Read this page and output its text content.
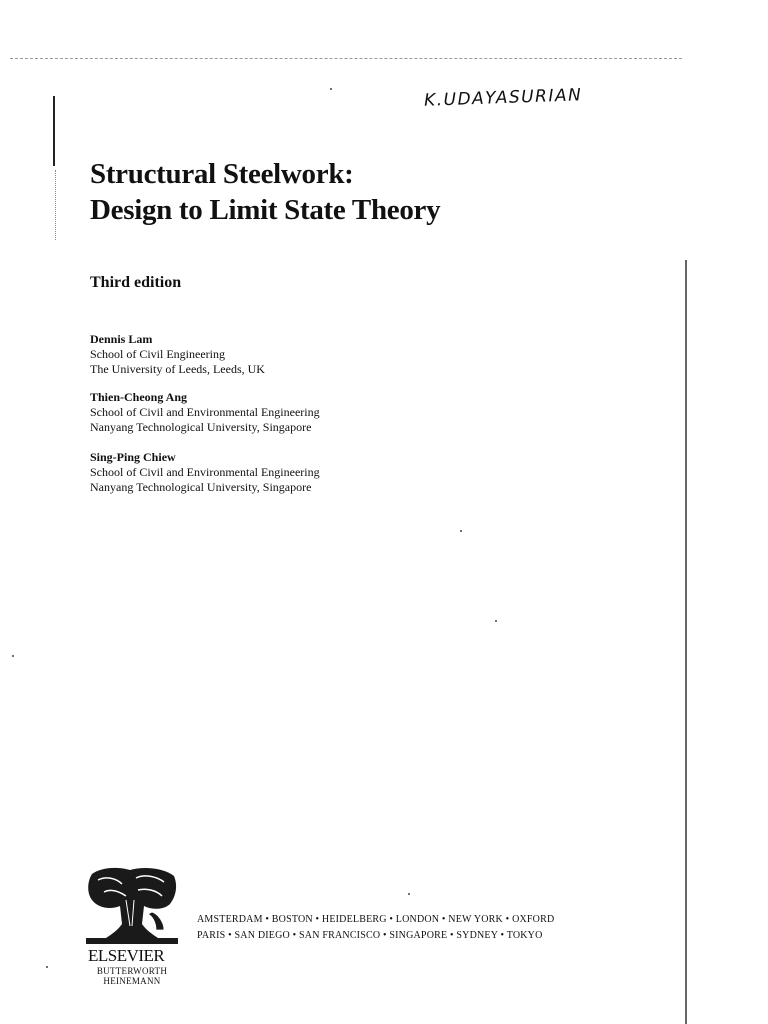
K.UDAYASURIAN
Structural Steelwork:
Design to Limit State Theory
Third edition
Dennis Lam
School of Civil Engineering
The University of Leeds, Leeds, UK
Thien-Cheong Ang
School of Civil and Environmental Engineering
Nanyang Technological University, Singapore
Sing-Ping Chiew
School of Civil and Environmental Engineering
Nanyang Technological University, Singapore
ELSEVIER
BUTTERWORTH
HEINEMANN
AMSTERDAM • BOSTON • HEIDELBERG • LONDON • NEW YORK • OXFORD
PARIS • SAN DIEGO • SAN FRANCISCO • SINGAPORE • SYDNEY • TOKYO
